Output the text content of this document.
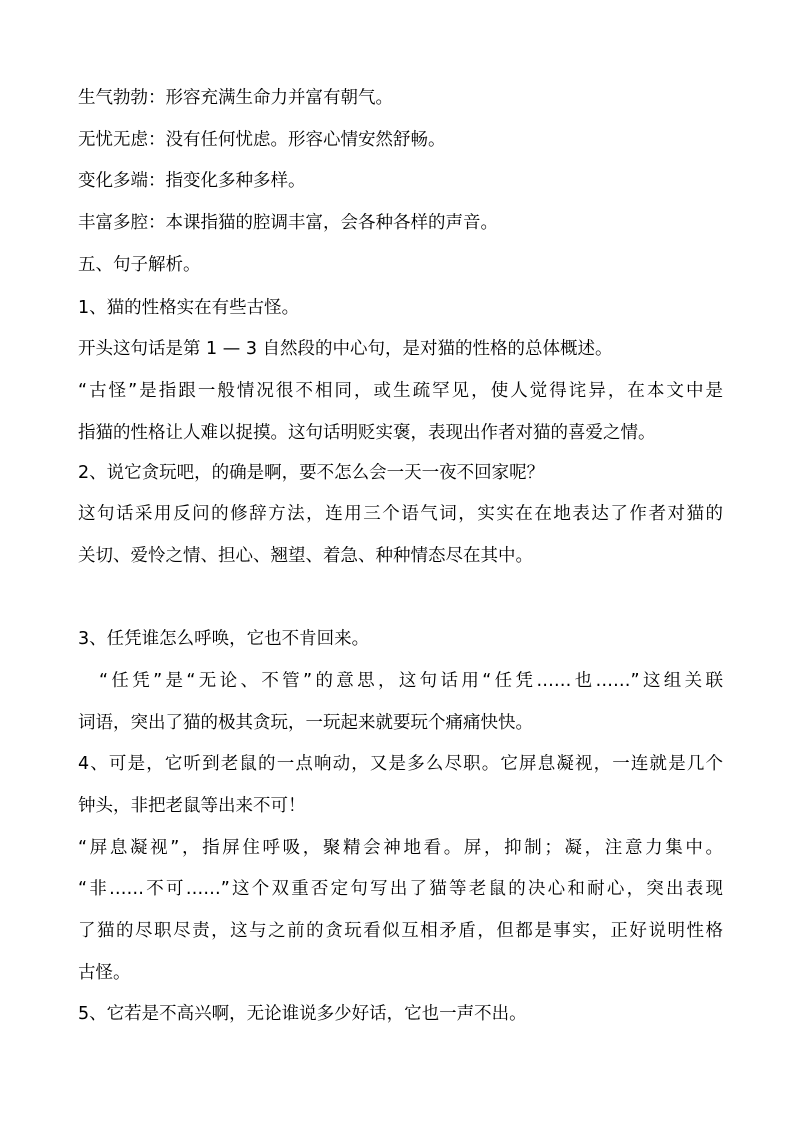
生气勃勃：形容充满生命力并富有朝气。
无忧无虑：没有任何忧虑。形容心情安然舒畅。
变化多端：指变化多种多样。
丰富多腔：本课指猫的腔调丰富，会各种各样的声音。
五、句子解析。
1、猫的性格实在有些古怪。
开头这句话是第 1 — 3 自然段的中心句，是对猫的性格的总体概述。
“古怪”是指跟一般情况很不相同，或生疏罕见，使人觉得诧异，在本文中是
指猫的性格让人难以捉摸。这句话明贬实褒，表现出作者对猫的喜爱之情。
2、说它贪玩吧，的确是啊，要不怎么会一天一夜不回家呢？
这句话采用反问的修辞方法，连用三个语气词，实实在在地表达了作者对猫的
关切、爱怜之情、担心、翘望、着急、种种情态尽在其中。
3、任凭谁怎么呼唤，它也不肯回来。
“任凭”是“无论、不管”的意思，这句话用“任凭……也……”这组关联
词语，突出了猫的极其贪玩，一玩起来就要玩个痛痛快快。
4、可是，它听到老鼠的一点响动，又是多么尽职。它屏息凝视，一连就是几个
钟头，非把老鼠等出来不可！
“屏息凝视”，指屏住呼吸，聚精会神地看。屏，抑制；凝，注意力集中。
“非……不可……”这个双重否定句写出了猫等老鼠的决心和耐心，突出表现
了猫的尽职尽责，这与之前的贪玩看似互相矛盾，但都是事实，正好说明性格
古怪。
5、它若是不高兴啊，无论谁说多少好话，它也一声不出。
